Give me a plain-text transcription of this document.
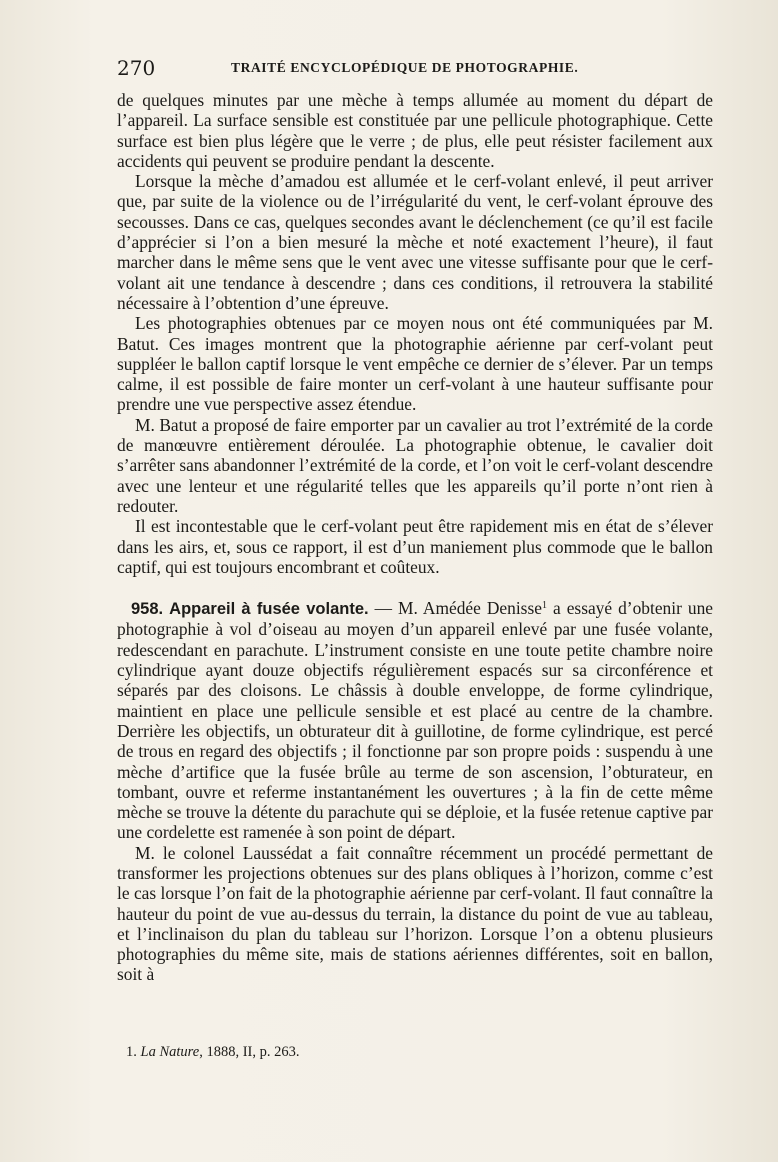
270	TRAITÉ ENCYCLOPÉDIQUE DE PHOTOGRAPHIE.

de quelques minutes par une mèche à temps allumée au moment du départ de l’appareil. La surface sensible est constituée par une pellicule photographique. Cette surface est bien plus légère que le verre ; de plus, elle peut résister facilement aux accidents qui peuvent se produire pendant la descente.

Lorsque la mèche d’amadou est allumée et le cerf-volant enlevé, il peut arriver que, par suite de la violence ou de l’irrégularité du vent, le cerf-volant éprouve des secousses. Dans ce cas, quelques secondes avant le déclenchement (ce qu’il est facile d’apprécier si l’on a bien mesuré la mèche et noté exactement l’heure), il faut marcher dans le même sens que le vent avec une vitesse suffisante pour que le cerf-volant ait une tendance à descendre ; dans ces conditions, il retrouvera la stabilité nécessaire à l’obtention d’une épreuve.

Les photographies obtenues par ce moyen nous ont été communiquées par M. Batut. Ces images montrent que la photographie aérienne par cerf-volant peut suppléer le ballon captif lorsque le vent empêche ce dernier de s’élever. Par un temps calme, il est possible de faire monter un cerf-volant à une hauteur suffisante pour prendre une vue perspective assez étendue.

M. Batut a proposé de faire emporter par un cavalier au trot l’extrémité de la corde de manœuvre entièrement déroulée. La photographie obtenue, le cavalier doit s’arrêter sans abandonner l’extrémité de la corde, et l’on voit le cerf-volant descendre avec une lenteur et une régularité telles que les appareils qu’il porte n’ont rien à redouter.

Il est incontestable que le cerf-volant peut être rapidement mis en état de s’élever dans les airs, et, sous ce rapport, il est d’un maniement plus commode que le ballon captif, qui est toujours encombrant et coûteux.

958. Appareil à fusée volante. — M. Amédée Denisse$^1$ a essayé d’obtenir une photographie à vol d’oiseau au moyen d’un appareil enlevé par une fusée volante, redescendant en parachute. L’instrument consiste en une toute petite chambre noire cylindrique ayant douze objectifs régulièrement espacés sur sa circonférence et séparés par des cloisons. Le châssis à double enveloppe, de forme cylindrique, maintient en place une pellicule sensible et est placé au centre de la chambre. Derrière les objectifs, un obturateur dit à guillotine, de forme cylindrique, est percé de trous en regard des objectifs ; il fonctionne par son propre poids : suspendu à une mèche d’artifice que la fusée brûle au terme de son ascension, l’obturateur, en tombant, ouvre et referme instantanément les ouvertures ; à la fin de cette même mèche se trouve la détente du parachute qui se déploie, et la fusée retenue captive par une cordelette est ramenée à son point de départ.

M. le colonel Laussédat a fait connaître récemment un procédé permettant de transformer les projections obtenues sur des plans obliques à l’horizon, comme c’est le cas lorsque l’on fait de la photographie aérienne par cerf-volant. Il faut connaître la hauteur du point de vue au-dessus du terrain, la distance du point de vue au tableau, et l’inclinaison du plan du tableau sur l’horizon. Lorsque l’on a obtenu plusieurs photographies du même site, mais de stations aériennes différentes, soit en ballon, soit à

1. La Nature, 1888, II, p. 263.
